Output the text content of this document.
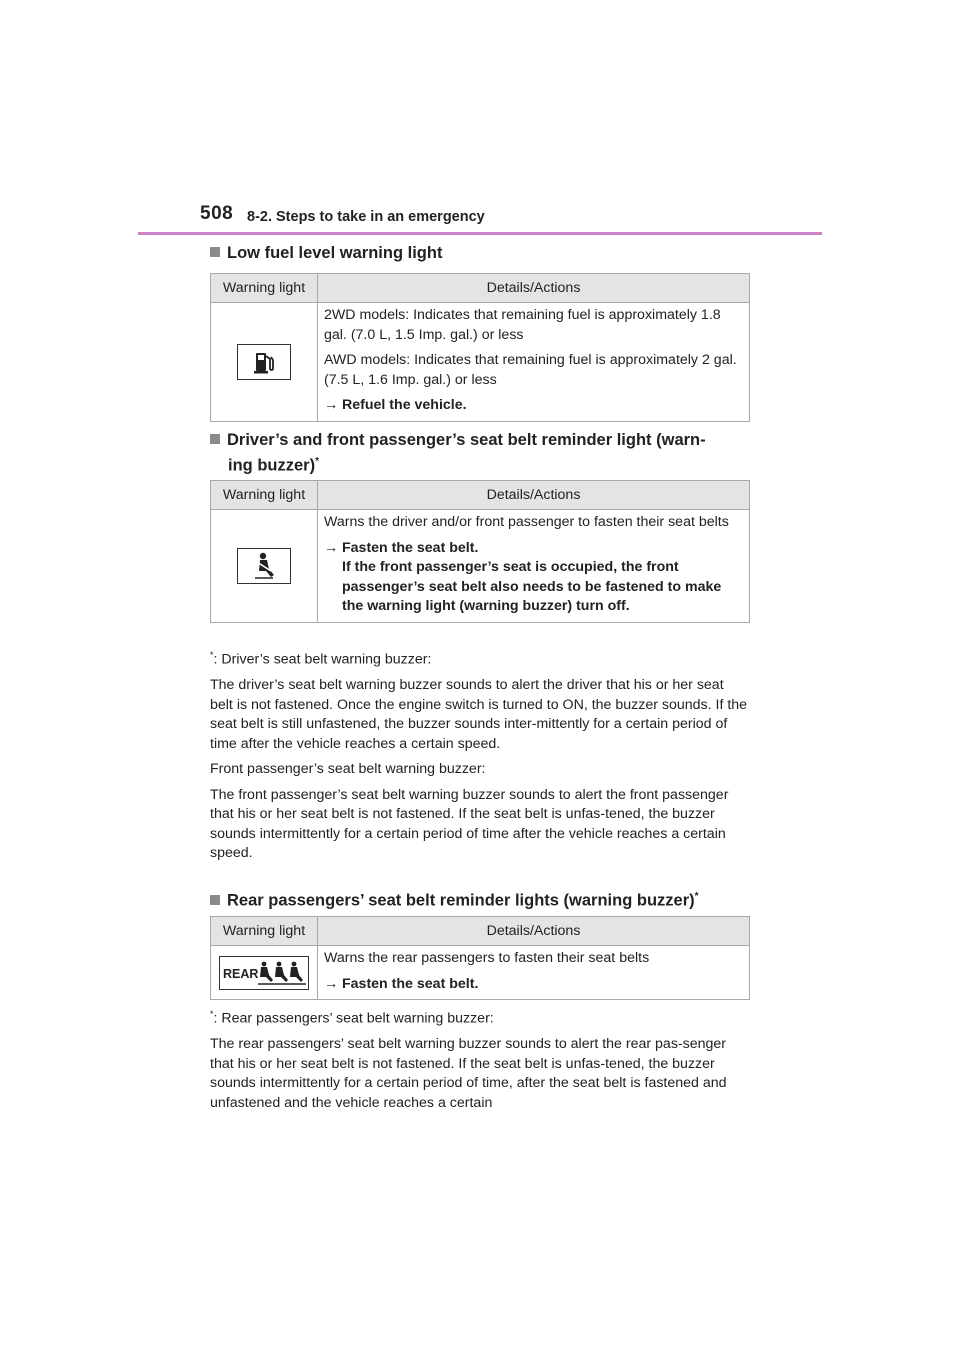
508 8-2. Steps to take in an emergency
Low fuel level warning light
Warning light	Details/Actions

2WD models: Indicates that remaining fuel is approximately 1.8 gal. (7.0 L, 1.5 Imp. gal.) or less

AWD models: Indicates that remaining fuel is approximately 2 gal. (7.5 L, 1.6 Imp. gal.) or less

→ Refuel the vehicle.

Driver’s and front passenger’s seat belt reminder light (warn-
ing buzzer)*
Warning light	Details/Actions

Warns the driver and/or front passenger to fasten their seat belts

→ Fasten the seat belt.
If the front passenger’s seat is occupied, the front passenger’s seat belt also needs to be fastened to make the warning light (warning buzzer) turn off.

*: Driver’s seat belt warning buzzer:

The driver’s seat belt warning buzzer sounds to alert the driver that his or her seat belt is not fastened. Once the engine switch is turned to ON, the buzzer sounds. If the seat belt is still unfastened, the buzzer sounds inter-mittently for a certain period of time after the vehicle reaches a certain speed.

Front passenger’s seat belt warning buzzer:

The front passenger’s seat belt warning buzzer sounds to alert the front passenger that his or her seat belt is not fastened. If the seat belt is unfas-tened, the buzzer sounds intermittently for a certain period of time after the vehicle reaches a certain speed.

Rear passengers’ seat belt reminder lights (warning buzzer)*
Warning light	Details/Actions

REAR	Warns the rear passengers to fasten their seat belts

→ Fasten the seat belt.

*: Rear passengers’ seat belt warning buzzer:

The rear passengers’ seat belt warning buzzer sounds to alert the rear pas-senger that his or her seat belt is not fastened. If the seat belt is unfas-tened, the buzzer sounds intermittently for a certain period of time, after the seat belt is fastened and unfastened and the vehicle reaches a certain
